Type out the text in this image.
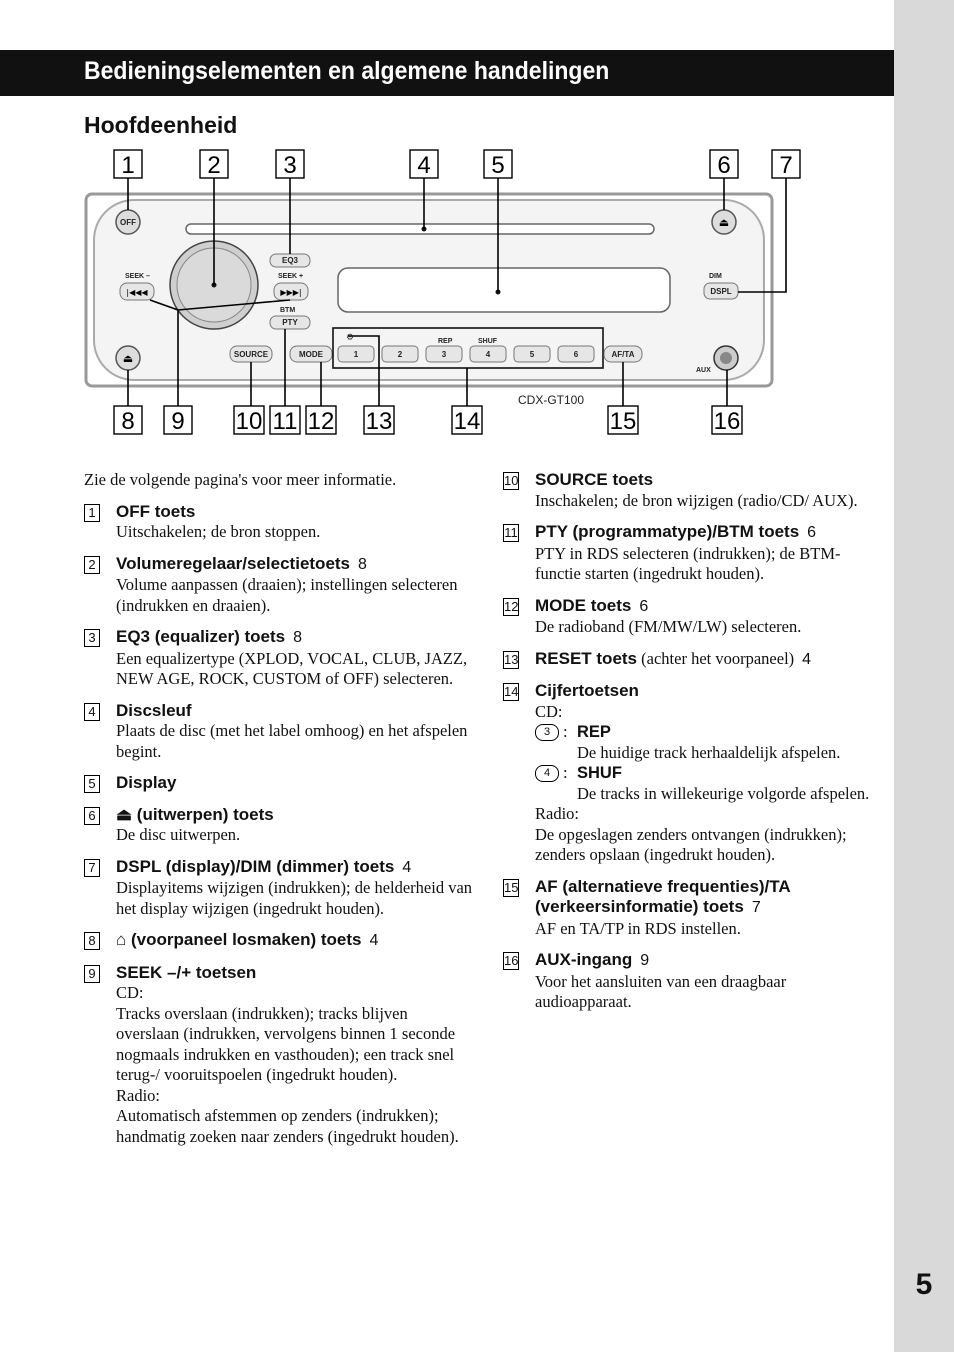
5
Bedieningselementen en algemene handelingen
Hoofdeenheid
1	2	3	4	5	6 7
8 9 10 11 12 13	14	15	16
OFF	⏏
⏏
EQ3
SEEK –	SEEK +
|◀◀◀	▶▶▶|
BTM
PTY
SOURCE	MODE
⚙	REP	SHUF
1	2	3	4	5	6	AF/TA
DIM
DSPL
AUX
CDX-GT100
Zie de volgende pagina's voor meer informatie.
1 OFF toets
Uitschakelen; de bron stoppen.
2 Volumeregelaar/selectietoets 8
Volume aanpassen (draaien); instellingen selecteren (indrukken en draaien).
3 EQ3 (equalizer) toets 8
Een equalizertype (XPLOD, VOCAL, CLUB, JAZZ, NEW AGE, ROCK, CUSTOM of OFF) selecteren.
4 Discsleuf
Plaats de disc (met het label omhoog) en het afspelen begint.
5 Display
6 ⏏ (uitwerpen) toets
De disc uitwerpen.
7 DSPL (display)/DIM (dimmer) toets 4
Displayitems wijzigen (indrukken); de helderheid van het display wijzigen (ingedrukt houden).
8 ⌂ (voorpaneel losmaken) toets 4
9 SEEK –/+ toetsen
CD:
Tracks overslaan (indrukken); tracks blijven overslaan (indrukken, vervolgens binnen 1 seconde nogmaals indrukken en vasthouden); een track snel terug-/ vooruitspoelen (ingedrukt houden).
Radio:
Automatisch afstemmen op zenders (indrukken); handmatig zoeken naar zenders (ingedrukt houden).
10 SOURCE toets
Inschakelen; de bron wijzigen (radio/CD/ AUX).
11 PTY (programmatype)/BTM toets 6
PTY in RDS selecteren (indrukken); de BTM-functie starten (ingedrukt houden).
12 MODE toets 6
De radioband (FM/MW/LW) selecteren.
13 RESET toets (achter het voorpaneel) 4
14 Cijfertoetsen
CD:
3 : REP
De huidige track herhaaldelijk afspelen.
4 : SHUF
De tracks in willekeurige volgorde afspelen.
Radio:
De opgeslagen zenders ontvangen (indrukken); zenders opslaan (ingedrukt houden).
15 AF (alternatieve frequenties)/TA (verkeersinformatie) toets 7
AF en TA/TP in RDS instellen.
16 AUX-ingang 9
Voor het aansluiten van een draagbaar audioapparaat.
